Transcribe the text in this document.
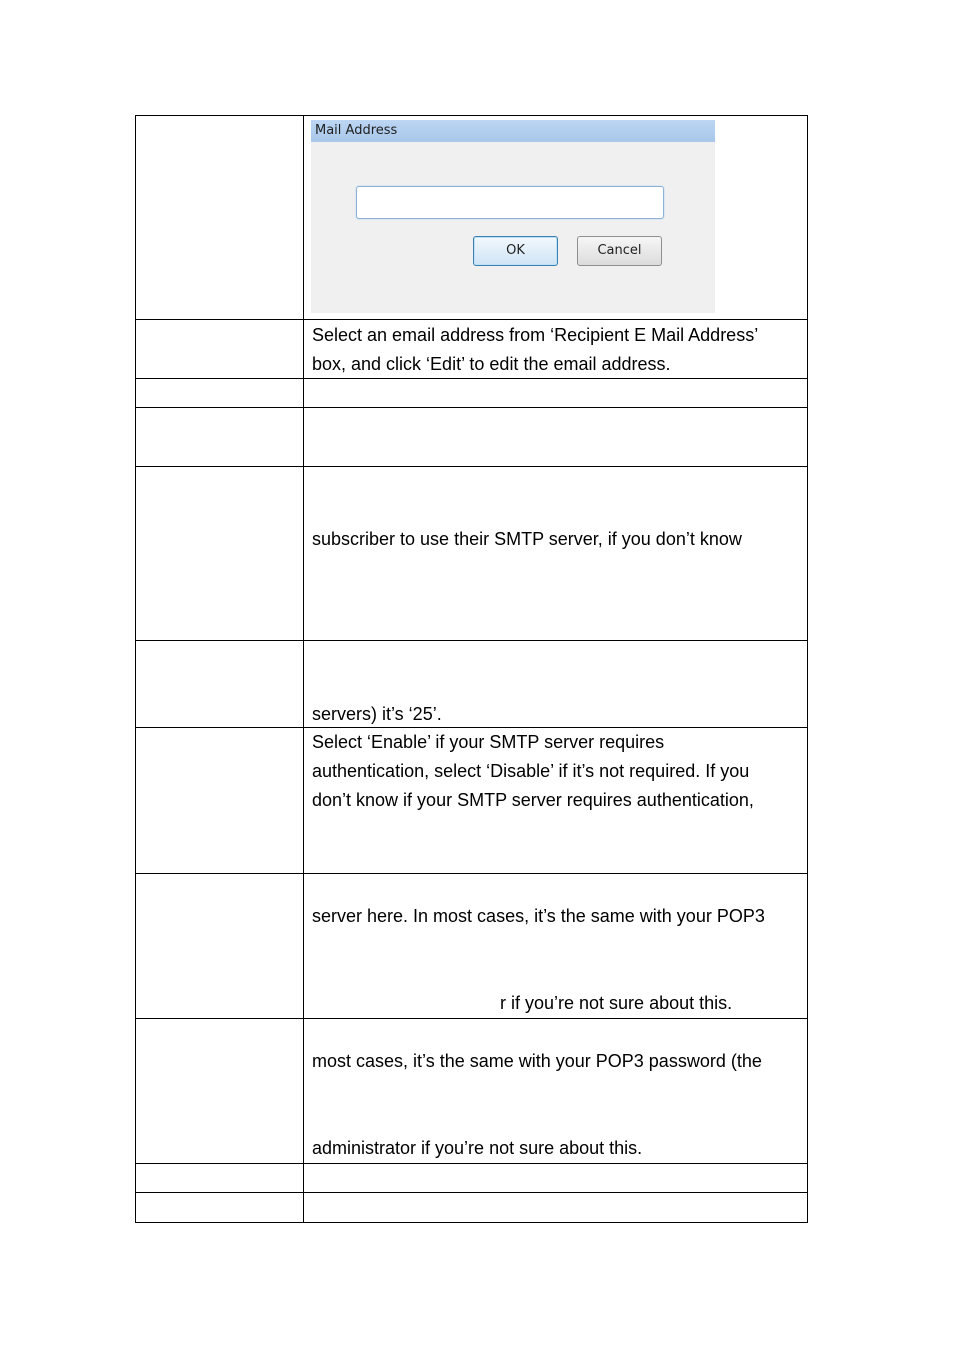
	Mail Address
OK Cancel

	Select an email address from ‘Recipient E Mail Address’
box, and click ‘Edit’ to edit the email address.

	subscriber to use their SMTP server, if you don’t know

	servers) it’s ‘25’.

	Select ‘Enable’ if your SMTP server requires
authentication, select ‘Disable’ if it’s not required. If you
don’t know if your SMTP server requires authentication,

	server here. In most cases, it’s the same with your POP3
r if you’re not sure about this.

	most cases, it’s the same with your POP3 password (the
administrator if you’re not sure about this.
